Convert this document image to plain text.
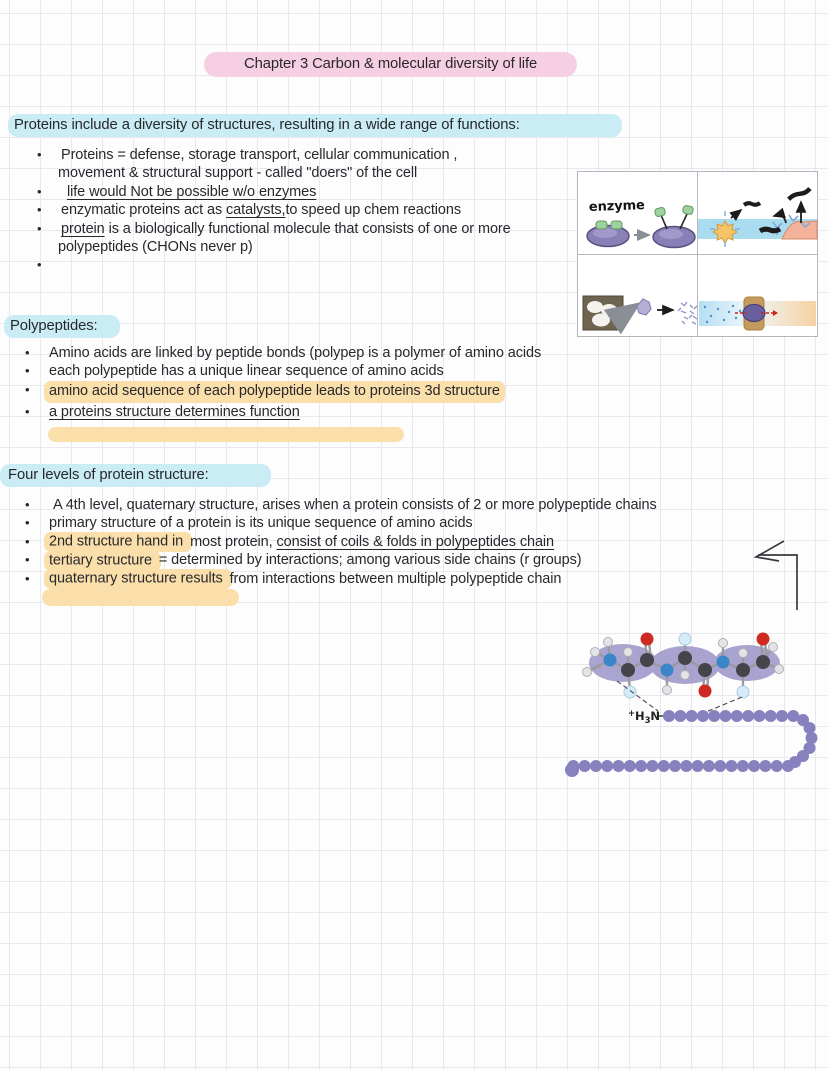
Chapter 3 Carbon & molecular diversity of life
Proteins include a diversity of structures, resulting in a wide range of functions:
•
Proteins = defense, storage transport, cellular communication ,
movement & structural support - called "doers" of the cell
•
life would Not be possible w/o enzymes
•
enzymatic proteins act as catalysts,to speed up chem reactions
•
protein is a biologically functional molecule that consists of one or more
polypeptides (CHONs never p)
•
enzyme
Polypeptides:
•
Amino acids are linked by peptide bonds (polypep is a polymer of amino acids
•
each polypeptide has a unique linear sequence of amino acids
•
amino acid sequence of each polypeptide leads to proteins 3d structure
•
a proteins structure determines function
Four levels of protein structure:
•
A 4th level, quaternary structure, arises when a protein consists of 2 or more polypeptide chains
•
primary structure of a protein is its unique sequence of amino acids
•
2nd structure hand in most protein, consist of coils & folds in polypeptides chain
•
tertiary structure = determined by interactions; among various side chains (r groups)
•
quaternary structure results from interactions between multiple polypeptide chain
$^+H_3N$
